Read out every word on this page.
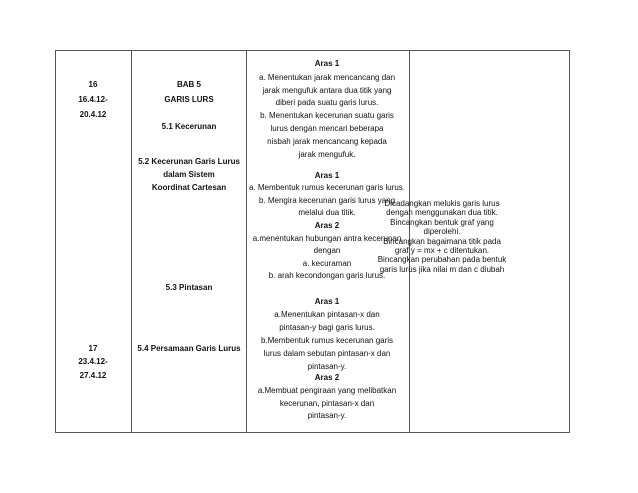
16
16.4.12-
20.4.12
17
23.4.12-
27.4.12
BAB 5
GARIS LURS
5.1 Kecerunan
5.2 Kecerunan Garis Lurus
dalam Sistem
Koordinat Cartesan
5.3 Pintasan
5.4 Persamaan Garis Lurus
Aras 1
a. Menentukan jarak mencancang dan
jarak mengufuk antara dua titik yang
diberi pada suatu garis lurus.
b. Menentukan kecerunan suatu garis
lurus dengan mencari beberapa
nisbah jarak mencancang kepada
jarak mengufuk.
Aras 1
a. Membentuk rumus kecerunan garis lurus.
b. Mengira kecerunan garis lurus yang
melalui dua titik.
Aras 2
a.menentukan hubungan antra kecerunan
dengan
a. kecuraman
b. arah kecondongan garis lurus.
Aras 1
a.Menentukan pintasan-x dan
pintasan-y bagi garis lurus.
b.Membentuk rumus kecerunan garis
lurus dalam sebutan pintasan-x dan
pintasan-y.
Aras 2
a.Membuat pengiraan yang melibatkan
kecerunan, pintasan-x dan
pintasan-y.
Dicadangkan melukis garis lurus
dengan menggunakan dua titik.
Bincangkan bentuk graf yang
diperolehi.
Bincangkan bagaimana titik pada
graf y = mx + c ditentukan.
Bincangkan perubahan pada bentuk
garis lurus jika nilai m dan c diubah
